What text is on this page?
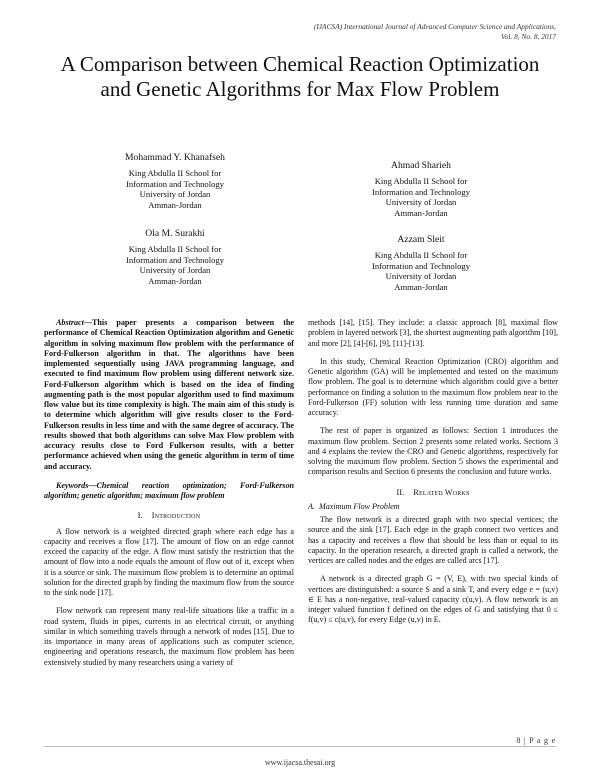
(IJACSA) International Journal of Advanced Computer Science and Applications,
Vol. 8, No. 8, 2017
A Comparison between Chemical Reaction Optimization and Genetic Algorithms for Max Flow Problem
Mohammad Y. Khanafseh
King Abdulla II School for
Information and Technology
University of Jordan
Amman-Jordan
Ahmad Sharieh
King Abdulla II School for
Information and Technology
University of Jordan
Amman-Jordan
Ola M. Surakhi
King Abdulla II School for
Information and Technology
University of Jordan
Amman-Jordan
Azzam Sleit
King Abdulla II School for
Information and Technology
University of Jordan
Amman-Jordan

Abstract—This paper presents a comparison between the performance of Chemical Reaction Optimization algorithm and Genetic algorithm in solving maximum flow problem with the performance of Ford-Fulkerson algorithm in that. The algorithms have been implemented sequentially using JAVA programming language, and executed to find maximum flow problem using different network size. Ford-Fulkerson algorithm which is based on the idea of finding augmenting path is the most popular algorithm used to find maximum flow value but its time complexity is high. The main aim of this study is to determine which algorithm will give results closer to the Ford-Fulkerson results in less time and with the same degree of accuracy. The results showed that both algorithms can solve Max Flow problem with accuracy results close to Ford Fulkerson results, with a better performance achieved when using the genetic algorithm in term of time and accuracy.

Keywords—Chemical reaction optimization; Ford-Fulkerson algorithm; genetic algorithm; maximum flow problem

I. Introduction

A flow network is a weighted directed graph where each edge has a capacity and receives a flow [17]. The amount of flow on an edge cannot exceed the capacity of the edge. A flow must satisfy the restriction that the amount of flow into a node equals the amount of flow out of it, except when it is a source or sink. The maximum flow problem is to determine an optimal solution for the directed graph by finding the maximum flow from the source to the sink node [17].

Flow network can represent many real-life situations like a traffic in a road system, fluids in pipes, currents in an electrical circuit, or anything similar in which something travels through a network of nodes [15]. Due to its importance in many areas of applications such as computer science, engineering and operations research, the maximum flow problem has been extensively studied by many researchers using a variety of

methods [14], [15]. They include: a classic approach [8], maximal flow problem in layered network [3], the shortest augmenting path algorithm [10], and more [2], [4]-[6], [9], [11]-[13].

In this study, Chemical Reaction Optimization (CRO) algorithm and Genetic algorithm (GA) will be implemented and tested on the maximum flow problem. The goal is to determine which algorithm could give a better performance on finding a solution to the maximum flow problem near to the Ford-Fulkerson (FF) solution with less running time duration and same accuracy.

The rest of paper is organized as follows: Section 1 introduces the maximum flow problem. Section 2 presents some related works. Sections 3 and 4 explains the review the CRO and Genetic algorithms, respectively for solving the maximum flow problem. Section 5 shows the experimental and comparison results and Section 6 presents the conclusion and future works.

II. Related Works

A. Maximum Flow Problem

The flow network is a directed graph with two special vertices; the source and the sink [17]. Each edge in the graph connect two vertices and has a capacity and receives a flow that should be less than or equal to its capacity. In the operation research, a directed graph is called a network, the vertices are called nodes and the edges are called arcs [17].

A network is a directed graph G = (V, E), with two special kinds of vertices are distinguished: a source S and a sink T, and every edge e = (u,v) ∈ E has a non-negative, real-valued capacity c(u,v). A flow network is an integer valued function f defined on the edges of G and satisfying that 0 ≤ f(u,v) ≤ c(u,v), for every Edge (u,v) in E.

8 | P a g e
www.ijacsa.thesai.org
